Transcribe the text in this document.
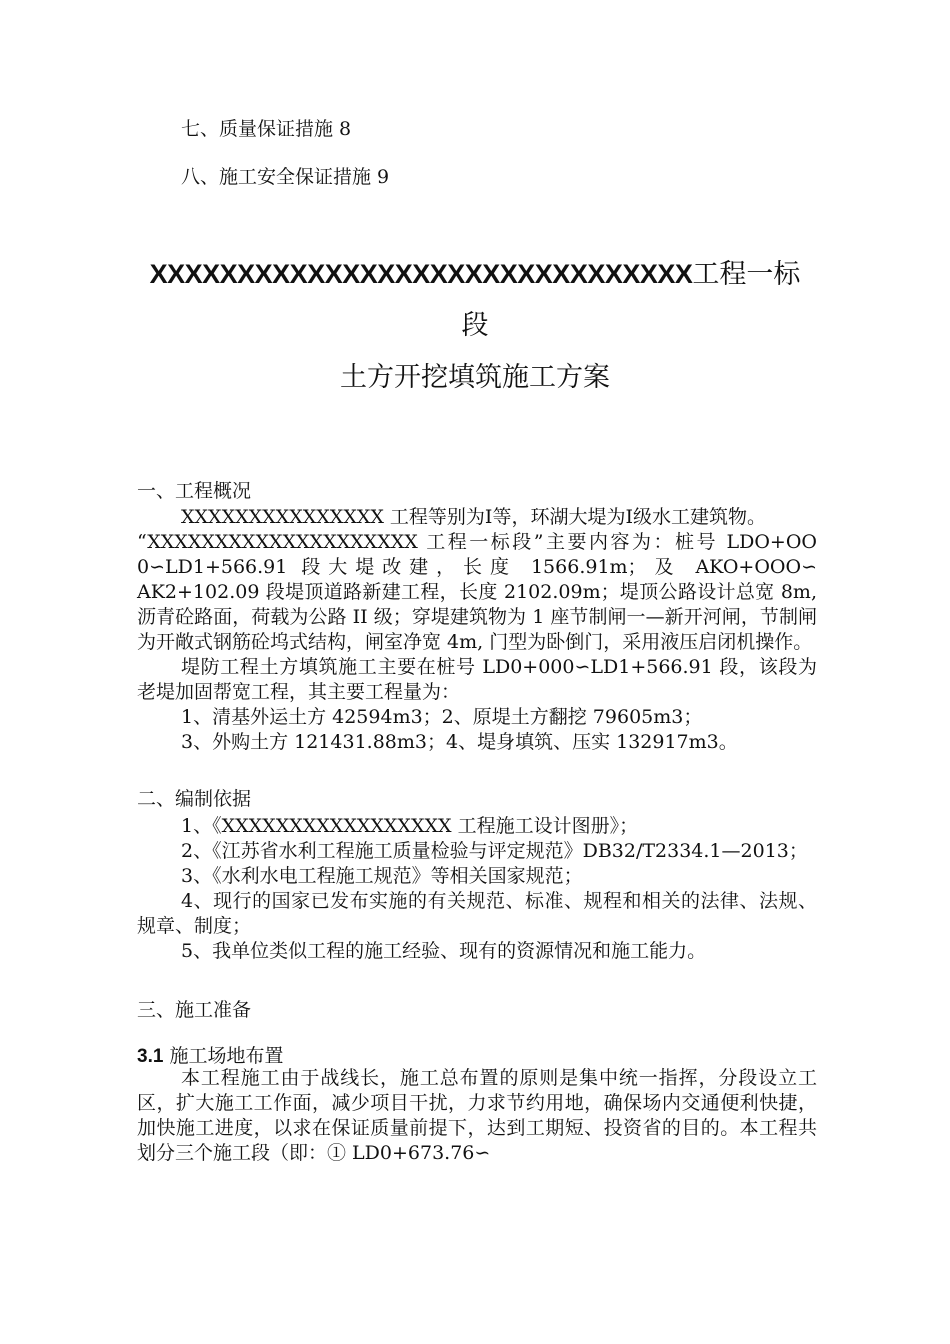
七、质量保证措施 8
八、施工安全保证措施 9
XXXXXXXXXXXXXXXXXXXXXXXXXXXXXXX工程一标
段
土方开挖填筑施工方案
一、工程概况

XXXXXXXXXXXXXXX 工程等别为Ⅰ等，环湖大堤为Ⅰ级水工建筑物。

“XXXXXXXXXXXXXXXXXXXX 工程一标段”主要内容为：桩号 LDO+OO 0∽LD1+566.91 段大堤改建，长度 1566.91m；及 AKO+OOO∽ AK2+102.09 段堤顶道路新建工程，长度 2102.09m；堤顶公路设计总宽 8m, 沥青砼路面，荷载为公路 II 级；穿堤建筑物为 1 座节制闸一—新开河闸，节制闸为开敞式钢筋砼坞式结构，闸室净宽 4m, 门型为卧倒门，采用液压启闭机操作。

堤防工程土方填筑施工主要在桩号 LD0+000∽LD1+566.91 段，该段为老堤加固帮宽工程，其主要工程量为：

1、清基外运土方 42594m3；2、原堤土方翻挖 79605m3；

3、外购土方 121431.88m3；4、堤身填筑、压实 132917m3。

二、编制依据

1、《XXXXXXXXXXXXXXXXX 工程施工设计图册》；

2、《江苏省水利工程施工质量检验与评定规范》DB32/T2334.1—2013；

3、《水利水电工程施工规范》等相关国家规范；

4、现行的国家已发布实施的有关规范、标准、规程和相关的法律、法规、规章、制度；

5、我单位类似工程的施工经验、现有的资源情况和施工能力。

三、施工准备
3.1 施工场地布置

本工程施工由于战线长，施工总布置的原则是集中统一指挥，分段设立工区，扩大施工工作面，减少项目干扰，力求节约用地，确保场内交通便利快捷，加快施工进度，以求在保证质量前提下，达到工期短、投资省的目的。本工程共划分三个施工段（即：① LD0+673.76∽
